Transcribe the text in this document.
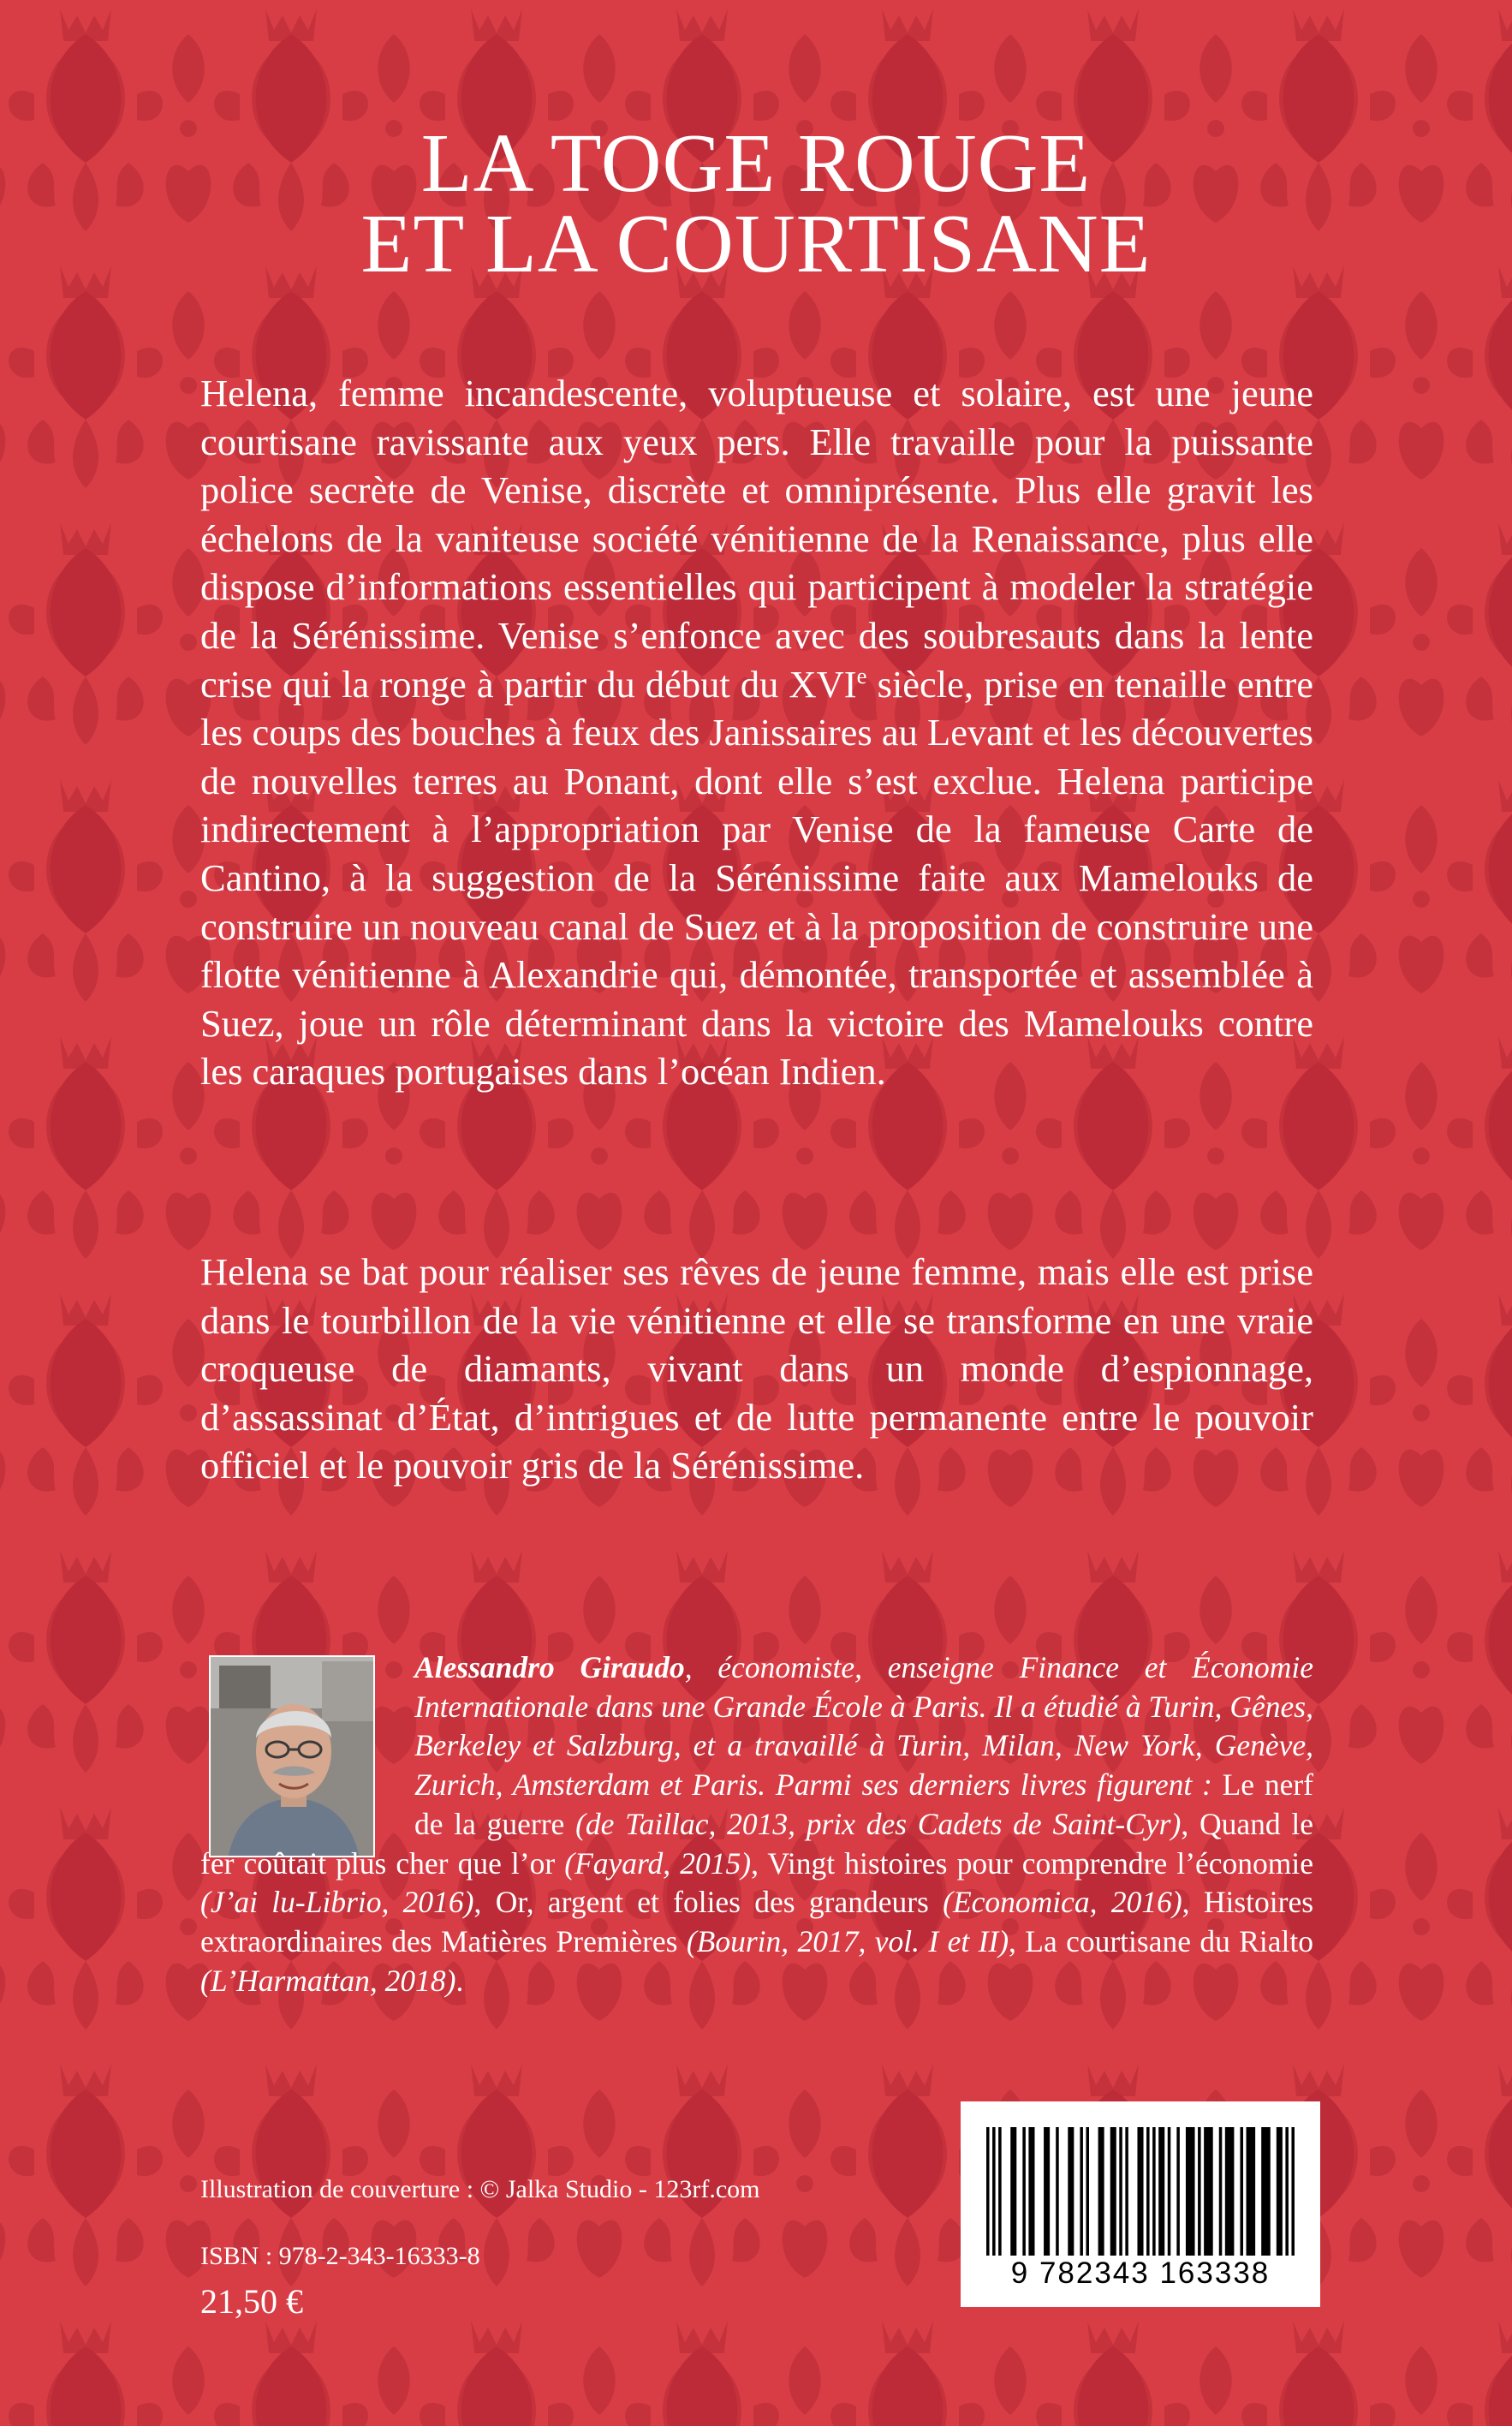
LA TOGE ROUGE
ET LA COURTISANE

Helena, femme incandescente, voluptueuse et solaire, est une jeune courtisane ravissante aux yeux pers. Elle travaille pour la puissante police secrète de Venise, discrète et omniprésente. Plus elle gravit les échelons de la vaniteuse société vénitienne de la Renaissance, plus elle dispose d’informations essentielles qui participent à modeler la stratégie de la Sérénissime. Venise s’enfonce avec des soubresauts dans la lente crise qui la ronge à partir du début du XVIe siècle, prise en tenaille entre les coups des bouches à feux des Janissaires au Levant et les découvertes de nouvelles terres au Ponant, dont elle s’est exclue. Helena participe indirectement à l’appropriation par Venise de la fameuse Carte de Cantino, à la suggestion de la Sérénissime faite aux Mamelouks de construire un nouveau canal de Suez et à la proposition de construire une flotte vénitienne à Alexandrie qui, démontée, transportée et assemblée à Suez, joue un rôle déterminant dans la victoire des Mamelouks contre les caraques portugaises dans l’océan Indien.

Helena se bat pour réaliser ses rêves de jeune femme, mais elle est prise dans le tourbillon de la vie vénitienne et elle se transforme en une vraie croqueuse de diamants, vivant dans un monde d’espionnage, d’assassinat d’État, d’intrigues et de lutte permanente entre le pouvoir officiel et le pouvoir gris de la Sérénissime.

Alessandro Giraudo, économiste, enseigne Finance et Économie Internationale dans une Grande École à Paris. Il a étudié à Turin, Gênes, Berkeley et Salzburg, et a travaillé à Turin, Milan, New York, Genève, Zurich, Amsterdam et Paris. Parmi ses derniers livres figurent : Le nerf de la guerre (de Taillac, 2013, prix des Cadets de Saint-Cyr), Quand le fer coûtait plus cher que l’or (Fayard, 2015), Vingt histoires pour comprendre l’économie (J’ai lu-Librio, 2016), Or, argent et folies des grandeurs (Economica, 2016), Histoires extraordinaires des Matières Premières (Bourin, 2017, vol. I et II), La courtisane du Rialto (L’Harmattan, 2018).

Illustration de couverture : © Jalka Studio - 123rf.com

ISBN : 978-2-343-16333-8

21,50 €

9 782343 163338
